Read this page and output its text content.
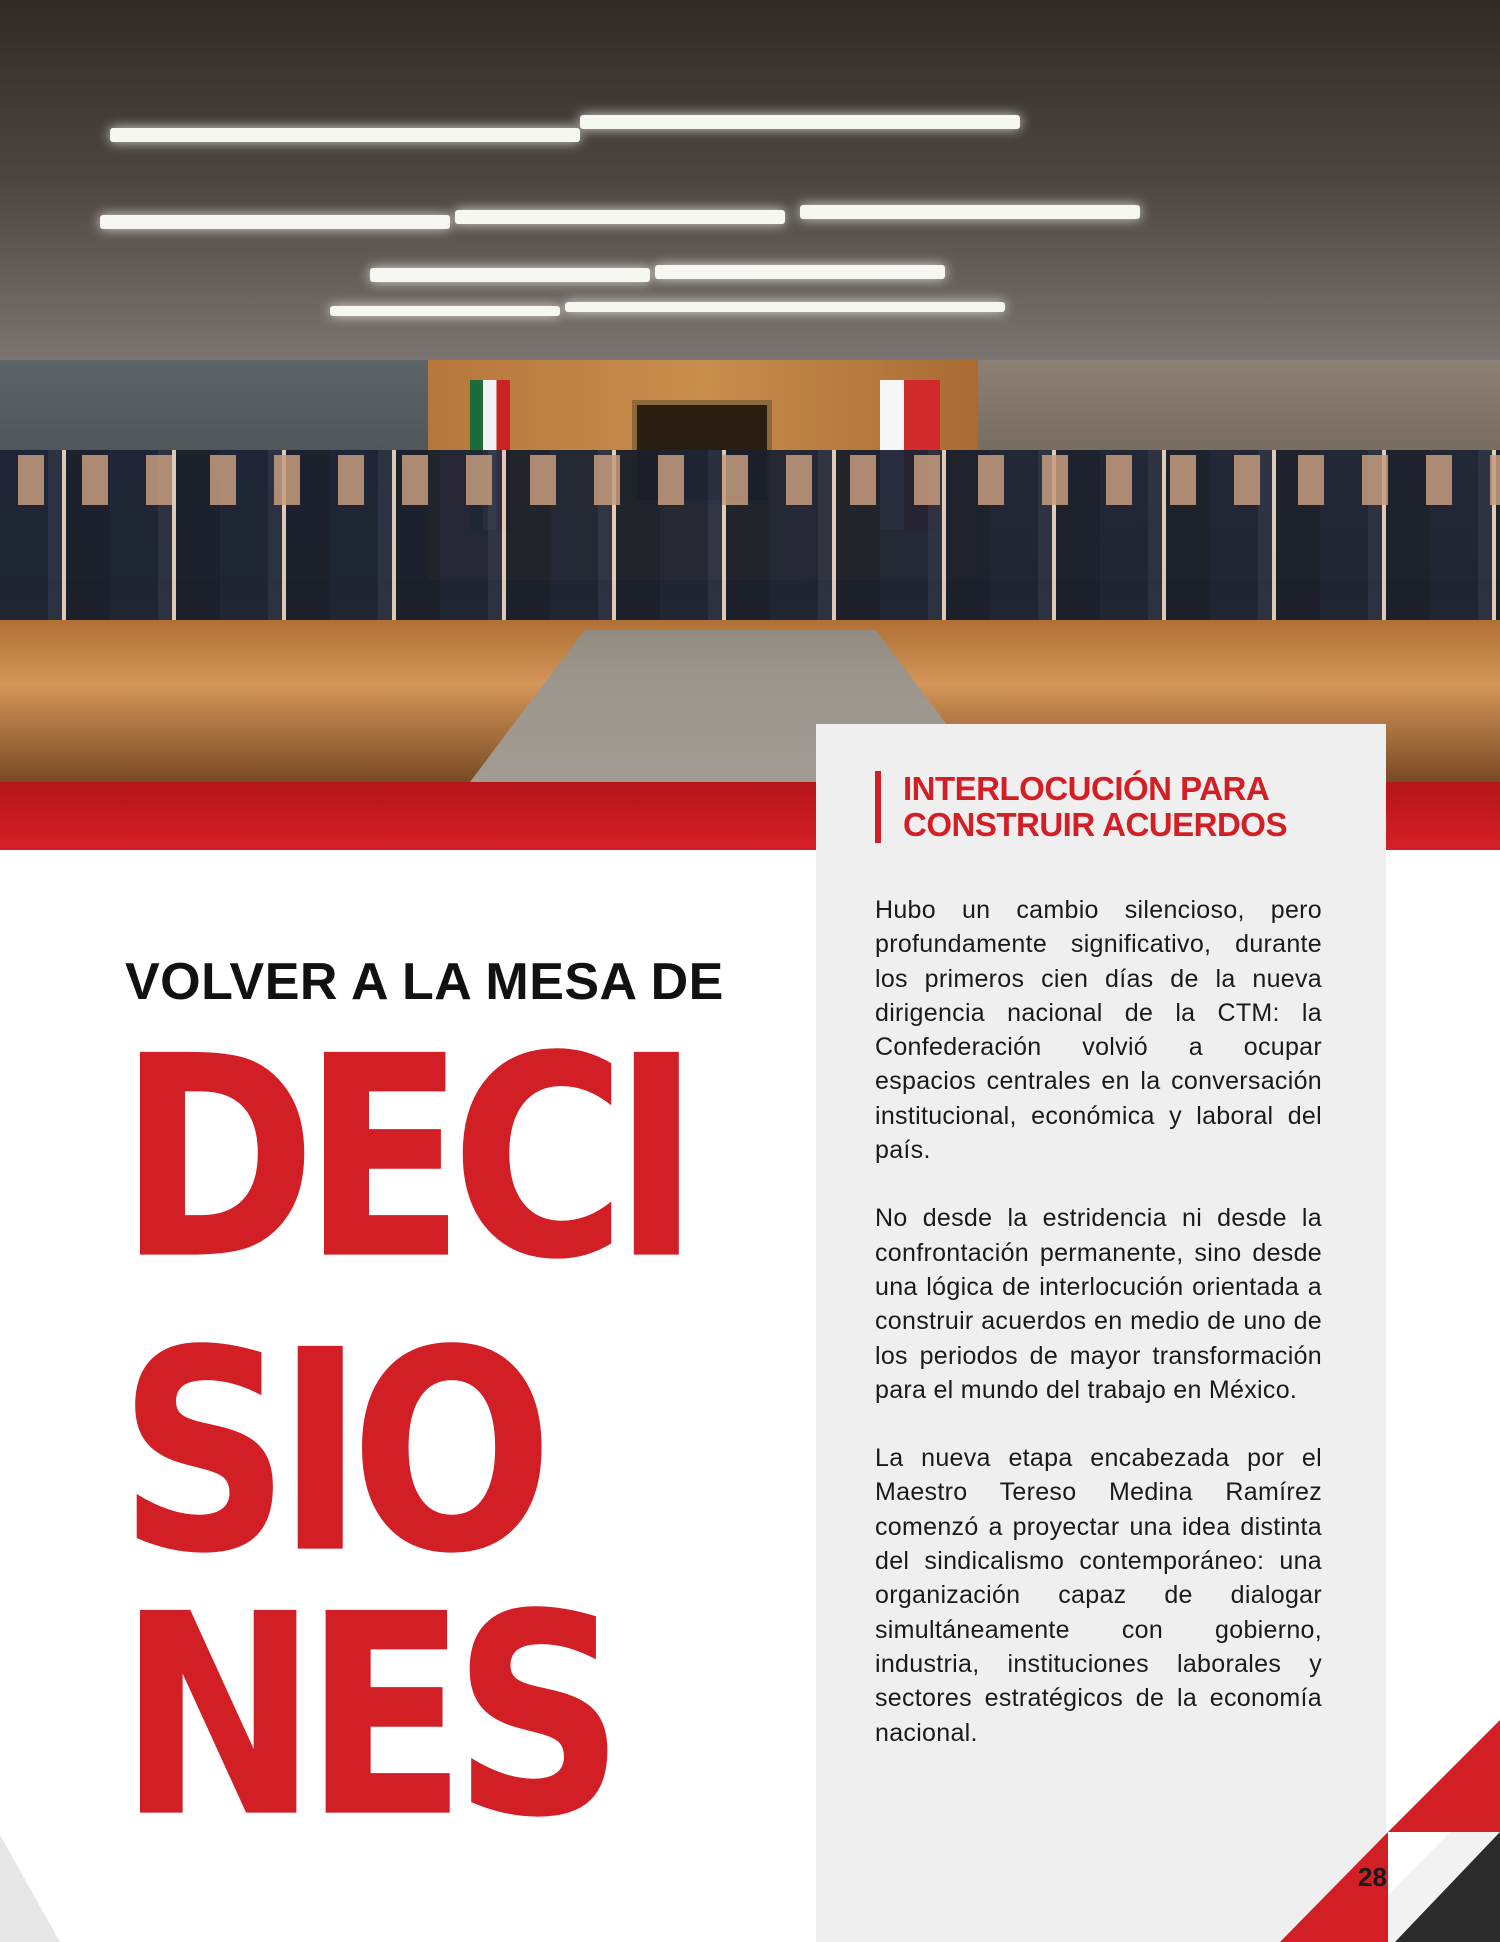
INTERLOCUCIÓN PARA
CONSTRUIR ACUERDOS

Hubo un cambio silencioso, pero profundamente significativo, durante los primeros cien días de la nueva dirigencia nacional de la CTM: la Confederación volvió a ocupar espacios centrales en la conversación institucional, económica y laboral del país.

No desde la estridencia ni desde la confrontación permanente, sino desde una lógica de interlocución orientada a construir acuerdos en medio de uno de los periodos de mayor transformación para el mundo del trabajo en México.

La nueva etapa encabezada por el Maestro Tereso Medina Ramírez comenzó a proyectar una idea distinta del sindicalismo contemporáneo: una organización capaz de dialogar simultáneamente con gobierno, industria, instituciones laborales y sectores estratégicos de la economía nacional.

VOLVER A LA MESA DE
DECI
SIO
NES	28
